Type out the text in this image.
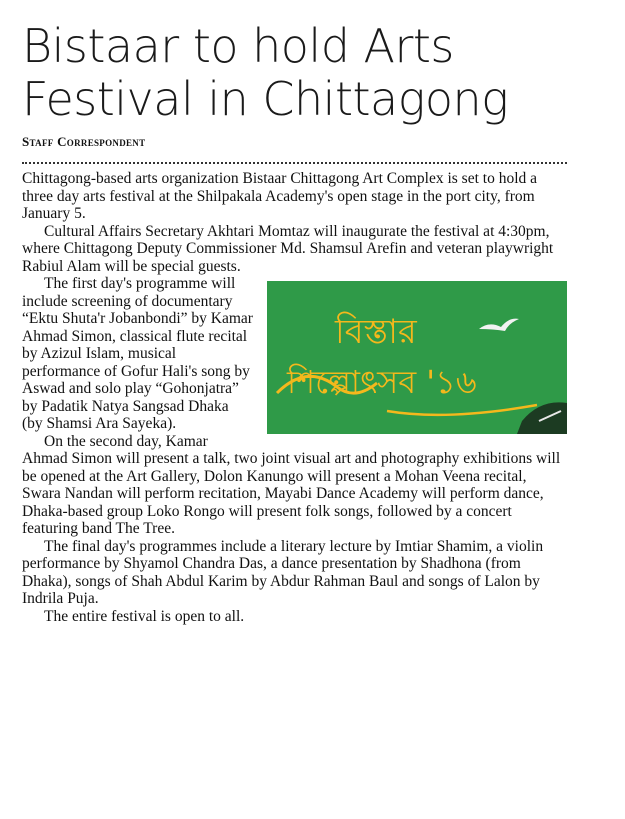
Bistaar to hold Arts
Festival in Chittagong
Staff Correspondent

Chittagong-based arts organization Bistaar Chittagong Art Complex is set to hold a three day arts festival at the Shilpakala Academy's open stage in the port city, from January 5.

Cultural Affairs Secretary Akhtari Momtaz will inaugurate the festival at 4:30pm, where Chittagong Deputy Commissioner Md. Shamsul Arefin and veteran playwright Rabiul Alam will be special guests.

বিস্তার
শিল্পোৎসব '১৬

The first day's programme will include screening of documentary “Ektu Shuta'r Jobanbondi” by Kamar Ahmad Simon, classical flute recital by Azizul Islam, musical performance of Gofur Hali's song by Aswad and solo play “Gohonjatra” by Padatik Natya Sangsad Dhaka (by Shamsi Ara Sayeka).

On the second day, Kamar Ahmad Simon will present a talk, two joint visual art and photography exhibitions will be opened at the Art Gallery, Dolon Kanungo will present a Mohan Veena recital, Swara Nandan will perform recitation, Mayabi Dance Academy will perform dance, Dhaka-based group Loko Rongo will present folk songs, followed by a concert featuring band The Tree.

The final day's programmes include a literary lecture by Imtiar Shamim, a violin performance by Shyamol Chandra Das, a dance presentation by Shadhona (from Dhaka), songs of Shah Abdul Karim by Abdur Rahman Baul and songs of Lalon by Indrila Puja.

The entire festival is open to all.
